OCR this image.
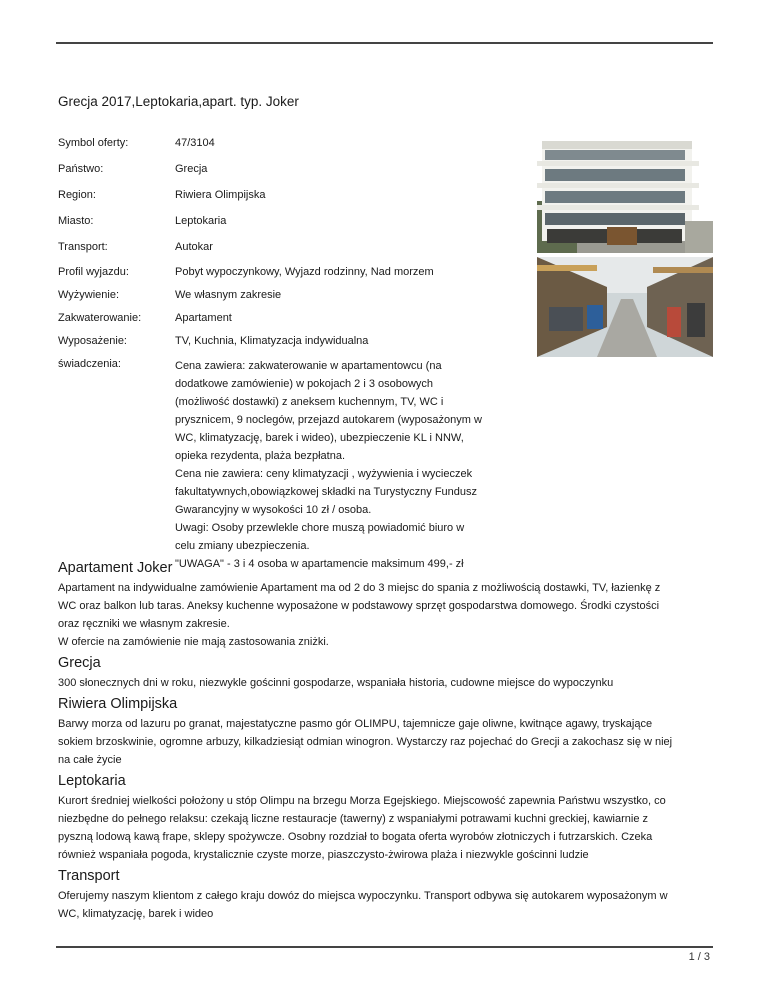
Grecja 2017,Leptokaria,apart. typ. Joker
Symbol oferty:	47/3104
Państwo:	Grecja
Region:	Riwiera Olimpijska
Miasto:	Leptokaria
Transport:	Autokar
Profil wyjazdu:	Pobyt wypoczynkowy, Wyjazd rodzinny, Nad morzem
Wyżywienie:	We własnym zakresie
Zakwaterowanie:	Apartament
Wyposażenie:	TV, Kuchnia, Klimatyzacja indywidualna
świadczenia:	Cena zawiera: zakwaterowanie w apartamentowcu (na
dodatkowe zamówienie) w pokojach 2 i 3 osobowych
(możliwość dostawki) z aneksem kuchennym, TV, WC i
prysznicem, 9 noclegów, przejazd autokarem (wyposażonym w
WC, klimatyzację, barek i wideo), ubezpieczenie KL i NNW,
opieka rezydenta, plaża bezpłatna.
Cena nie zawiera: ceny klimatyzacji , wyżywienia i wycieczek
fakultatywnych,obowiązkowej składki na Turystyczny Fundusz
Gwarancyjny w wysokości 10 zł / osoba.
Uwagi: Osoby przewlekle chore muszą powiadomić biuro w
celu zmiany ubezpieczenia.
"UWAGA" - 3 i 4 osoba w apartamencie maksimum 499,- zł
Apartament Joker
Apartament na indywidualne zamówienie Apartament ma od 2 do 3 miejsc do spania z możliwością dostawki, TV, łazienkę z
WC oraz balkon lub taras. Aneksy kuchenne wyposażone w podstawowy sprzęt gospodarstwa domowego. Środki czystości
oraz ręczniki we własnym zakresie.
W ofercie na zamówienie nie mają zastosowania zniżki.
Grecja
300 słonecznych dni w roku, niezwykle gościnni gospodarze, wspaniała historia, cudowne miejsce do wypoczynku
Riwiera Olimpijska
Barwy morza od lazuru po granat, majestatyczne pasmo gór OLIMPU, tajemnicze gaje oliwne, kwitnące agawy, tryskające
sokiem brzoskwinie, ogromne arbuzy, kilkadziesiąt odmian winogron. Wystarczy raz pojechać do Grecji a zakochasz się w niej
na całe życie
Leptokaria
Kurort średniej wielkości położony u stóp Olimpu na brzegu Morza Egejskiego. Miejscowość zapewnia Państwu wszystko, co
niezbędne do pełnego relaksu: czekają liczne restauracje (tawerny) z wspaniałymi potrawami kuchni greckiej, kawiarnie z
pyszną lodową kawą frape, sklepy spożywcze. Osobny rozdział to bogata oferta wyrobów złotniczych i futrzarskich. Czeka
również wspaniała pogoda, krystalicznie czyste morze, piaszczysto-żwirowa plaża i niezwykle gościnni ludzie
Transport
Oferujemy naszym klientom z całego kraju dowóz do miejsca wypoczynku. Transport odbywa się autokarem wyposażonym w
WC, klimatyzację, barek i wideo
1 / 3
